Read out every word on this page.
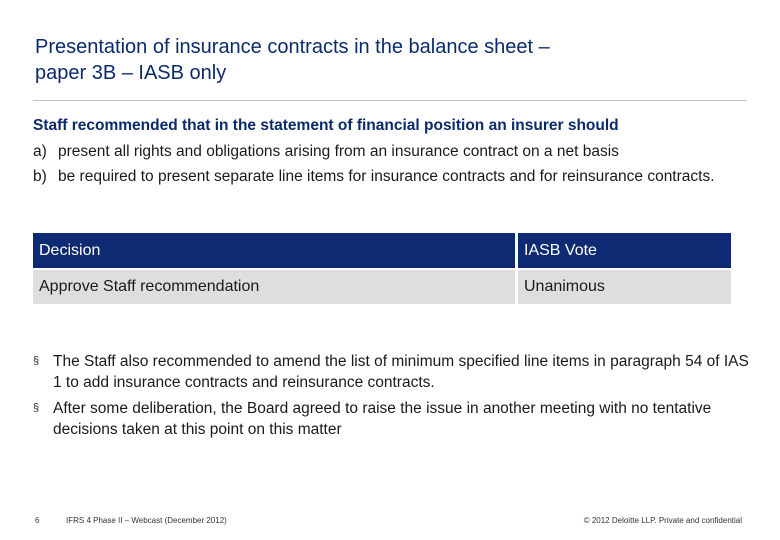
Presentation of insurance contracts in the balance sheet –
paper 3B – IASB only
Staff recommended that in the statement of financial position an insurer should
a) present all rights and obligations arising from an insurance contract on a net basis
b) be required to present separate line items for insurance contracts and for reinsurance contracts.
Decision	IASB Vote
Approve Staff recommendation	Unanimous
§ The Staff also recommended to amend the list of minimum specified line items in paragraph 54 of IAS 1 to add insurance contracts and reinsurance contracts.
§ After some deliberation, the Board agreed to raise the issue in another meeting with no tentative decisions taken at this point on this matter
6	IFRS 4 Phase II – Webcast (December 2012)	© 2012 Deloitte LLP. Private and confidential
